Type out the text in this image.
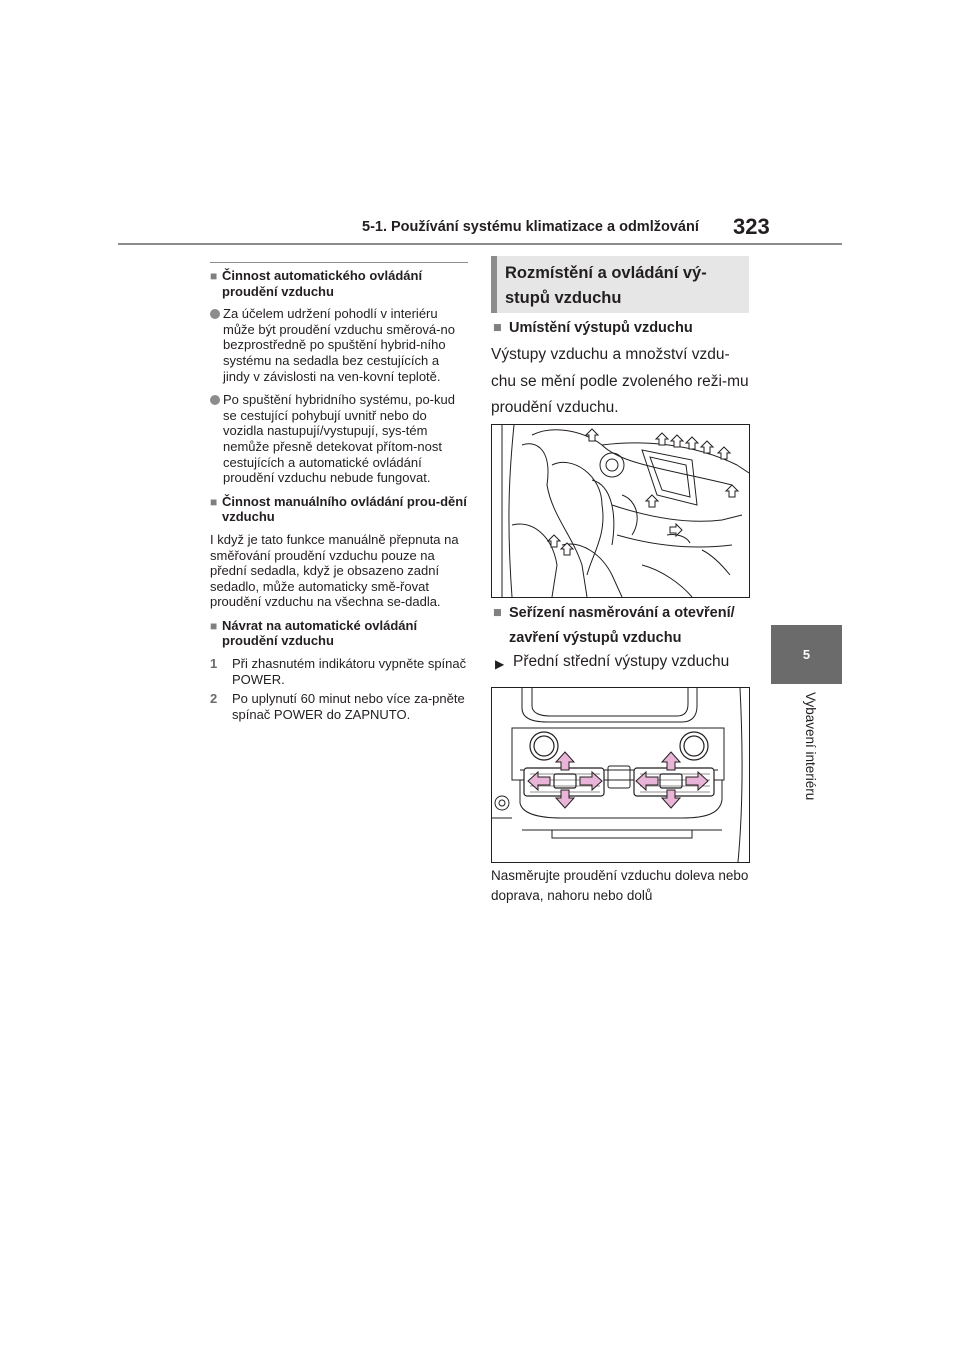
5-1. Používání systému klimatizace a odmlžování 323
5
Vybavení interiéru
■ Činnost automatického ovládání proudění vzduchu
Za účelem udržení pohodlí v interiéru může být proudění vzduchu směrová-no bezprostředně po spuštění hybrid-ního systému na sedadla bez cestujících a jindy v závislosti na ven-kovní teplotě.
Po spuštění hybridního systému, po-kud se cestující pohybují uvnitř nebo do vozidla nastupují/vystupují, sys-tém nemůže přesně detekovat přítom-nost cestujících a automatické ovládání proudění vzduchu nebude fungovat.
■ Činnost manuálního ovládání prou-dění vzduchu
I když je tato funkce manuálně přepnuta na směřování proudění vzduchu pouze na přední sedadla, když je obsazeno zadní sedadlo, může automaticky smě-řovat proudění vzduchu na všechna se-dadla.
■ Návrat na automatické ovládání proudění vzduchu
1	Při zhasnutém indikátoru vypněte spínač POWER.
2	Po uplynutí 60 minut nebo více za-pněte spínač POWER do ZAPNUTO.
Rozmístění a ovládání vý-stupů vzduchu
■ Umístění výstupů vzduchu
Výstupy vzduchu a množství vzdu-chu se mění podle zvoleného reži-mu proudění vzduchu.
■ Seřízení nasměrování a otevření/ zavření výstupů vzduchu
▶ Přední střední výstupy vzduchu
Nasměrujte proudění vzduchu doleva nebo doprava, nahoru nebo dolů
